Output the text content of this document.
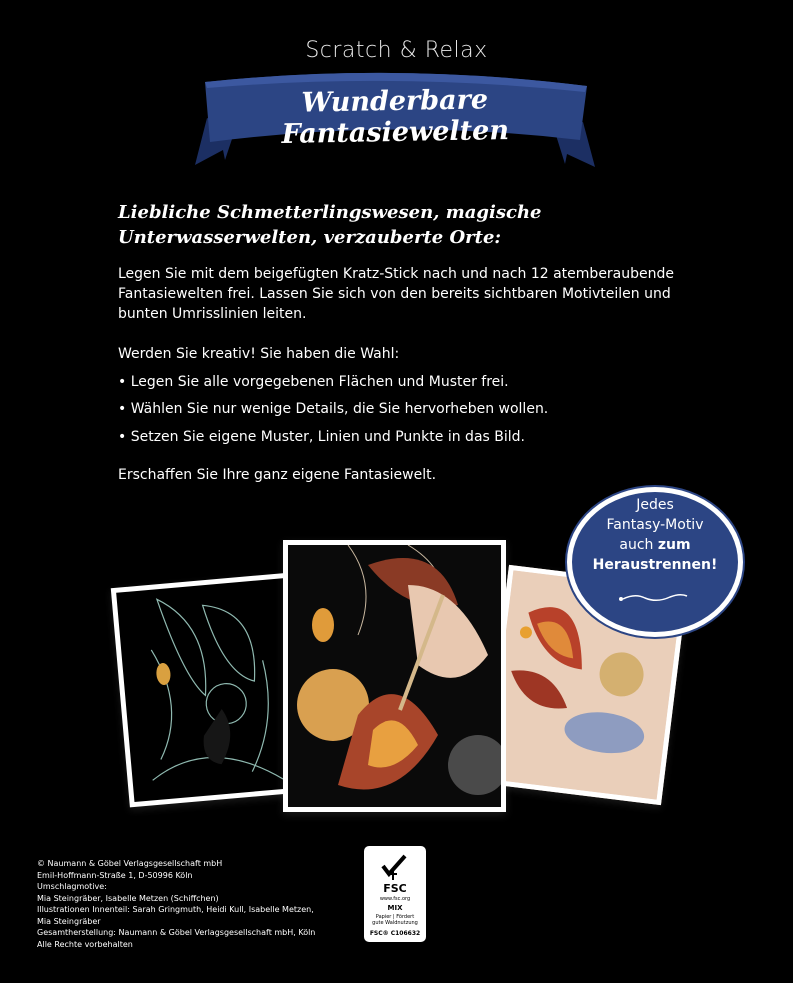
Scratch & Relax
Wunderbare Fantasiewelten
Liebliche Schmetterlingswesen, magische Unterwasserwelten, verzauberte Orte:
Legen Sie mit dem beigefügten Kratz-Stick nach und nach 12 atemberaubende Fantasiewelten frei. Lassen Sie sich von den bereits sichtbaren Motivteilen und bunten Umrisslinien leiten.
Werden Sie kreativ! Sie haben die Wahl:
• Legen Sie alle vorgegebenen Flächen und Muster frei.
• Wählen Sie nur wenige Details, die Sie hervorheben wollen.
• Setzen Sie eigene Muster, Linien und Punkte in das Bild.
Erschaffen Sie Ihre ganz eigene Fantasiewelt.
Jedes
Fantasy-Motiv
auch zum
Heraustrennen!
© Naumann & Göbel Verlagsgesellschaft mbH
Emil-Hoffmann-Straße 1, D-50996 Köln
Umschlagmotive:
Mia Steingräber, Isabelle Metzen (Schiffchen)
Illustrationen Innenteil: Sarah Gringmuth, Heidi Kull, Isabelle Metzen,
Mia Steingräber
Gesamtherstellung: Naumann & Göbel Verlagsgesellschaft mbH, Köln
Alle Rechte vorbehalten
FSC
www.fsc.org
MIX
Papier | Fördert
gute Waldnutzung
FSC® C106632
